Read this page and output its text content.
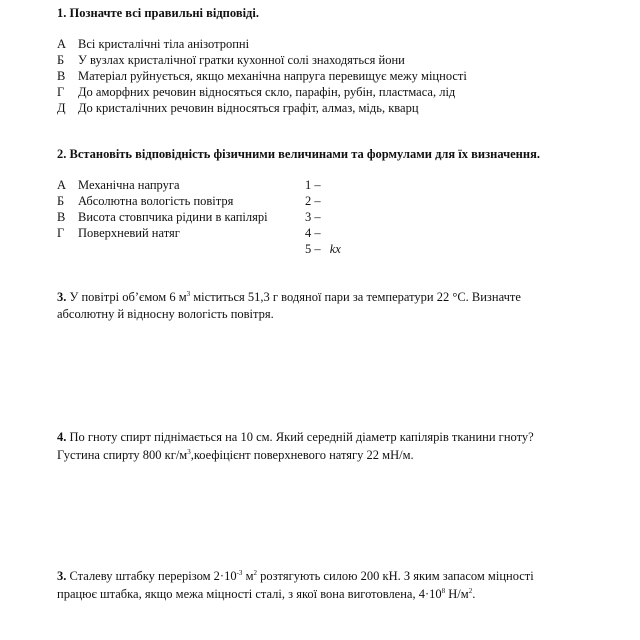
1. Позначте всі правильні відповіді.
А Всі кристалічні тіла анізотропні
Б У вузлах кристалічної гратки кухонної солі знаходяться йони
В Матеріал руйнується, якщо механічна напруга перевищує межу міцності
Г До аморфних речовин відносяться скло, парафін, рубін, пластмаса, лід
Д До кристалічних речовин відносяться графіт, алмаз, мідь, кварц
2. Встановіть відповідність фізичними величинами та формулами для їх визначення.
А Механічна напруга
Б Абсолютна вологість повітря
В Висота стовпчика рідини в капілярі
Г Поверхневий натяг
1 –
2 –
3 –
4 –
5 – kx
3. У повітрі об’ємом 6 $м^3$ міститься 51,3 г водяної пари за температури 22 °С. Визначте
абсолютну й відносну вологість повітря.
4. По гноту спирт піднімається на 10 см. Який середній діаметр капілярів тканини гноту?
Густина спирту 800 $кг/м^3,коефіцієнт$ поверхневого натягу 22 мН/м.
3. Сталеву штабку перерізом $2\cdot 10^{-3}$ $м^2$ розтягують силою 200 кН. З яким запасом міцності
працює штабка, якщо межа міцності сталі, з якої вона виготовлена, $4\cdot 10^8$ $Н/м^2$.
